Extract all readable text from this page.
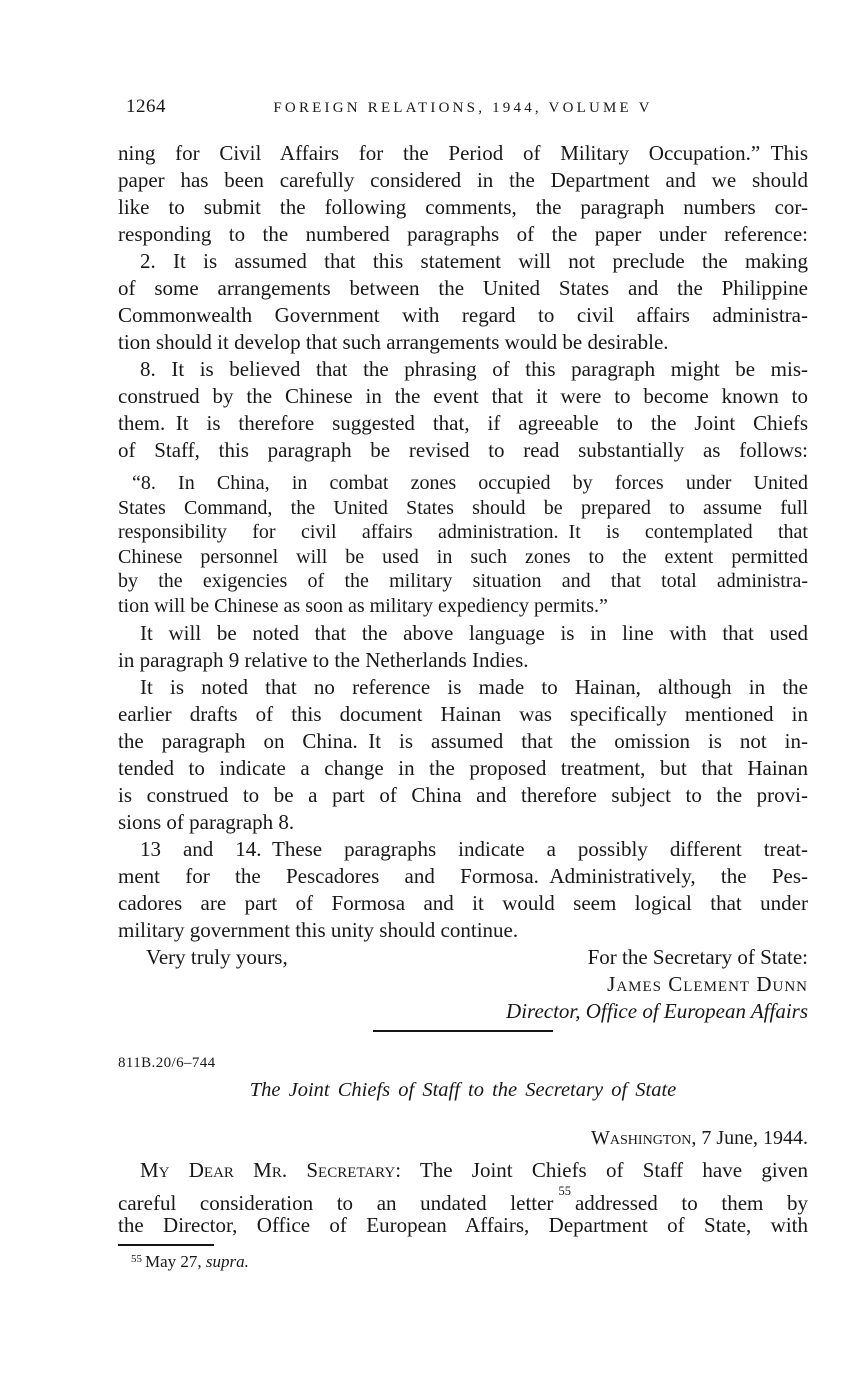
1264	FOREIGN RELATIONS, 1944, VOLUME V
ning for Civil Affairs for the Period of Military Occupation.” This
paper has been carefully considered in the Department and we should
like to submit the following comments, the paragraph numbers cor-
responding to the numbered paragraphs of the paper under reference:
2. It is assumed that this statement will not preclude the making
of some arrangements between the United States and the Philippine
Commonwealth Government with regard to civil affairs administra-
tion should it develop that such arrangements would be desirable.
8. It is believed that the phrasing of this paragraph might be mis-
construed by the Chinese in the event that it were to become known to
them. It is therefore suggested that, if agreeable to the Joint Chiefs
of Staff, this paragraph be revised to read substantially as follows:
“8. In China, in combat zones occupied by forces under United
States Command, the United States should be prepared to assume full
responsibility for civil affairs administration. It is contemplated that
Chinese personnel will be used in such zones to the extent permitted
by the exigencies of the military situation and that total administra-
tion will be Chinese as soon as military expediency permits.”
It will be noted that the above language is in line with that used
in paragraph 9 relative to the Netherlands Indies.
It is noted that no reference is made to Hainan, although in the
earlier drafts of this document Hainan was specifically mentioned in
the paragraph on China. It is assumed that the omission is not in-
tended to indicate a change in the proposed treatment, but that Hainan
is construed to be a part of China and therefore subject to the provi-
sions of paragraph 8.
13 and 14. These paragraphs indicate a possibly different treat-
ment for the Pescadores and Formosa. Administratively, the Pes-
cadores are part of Formosa and it would seem logical that under
military government this unity should continue.
Very truly yours,	For the Secretary of State:
James Clement Dunn
Director, Office of European Affairs
811B.20/6–744
The Joint Chiefs of Staff to the Secretary of State
Washington, 7 June, 1944.
My Dear Mr. Secretary: The Joint Chiefs of Staff have given
careful consideration to an undated letter $^{55}$ addressed to them by
the Director, Office of European Affairs, Department of State, with
$^{55}$ May 27, supra.
